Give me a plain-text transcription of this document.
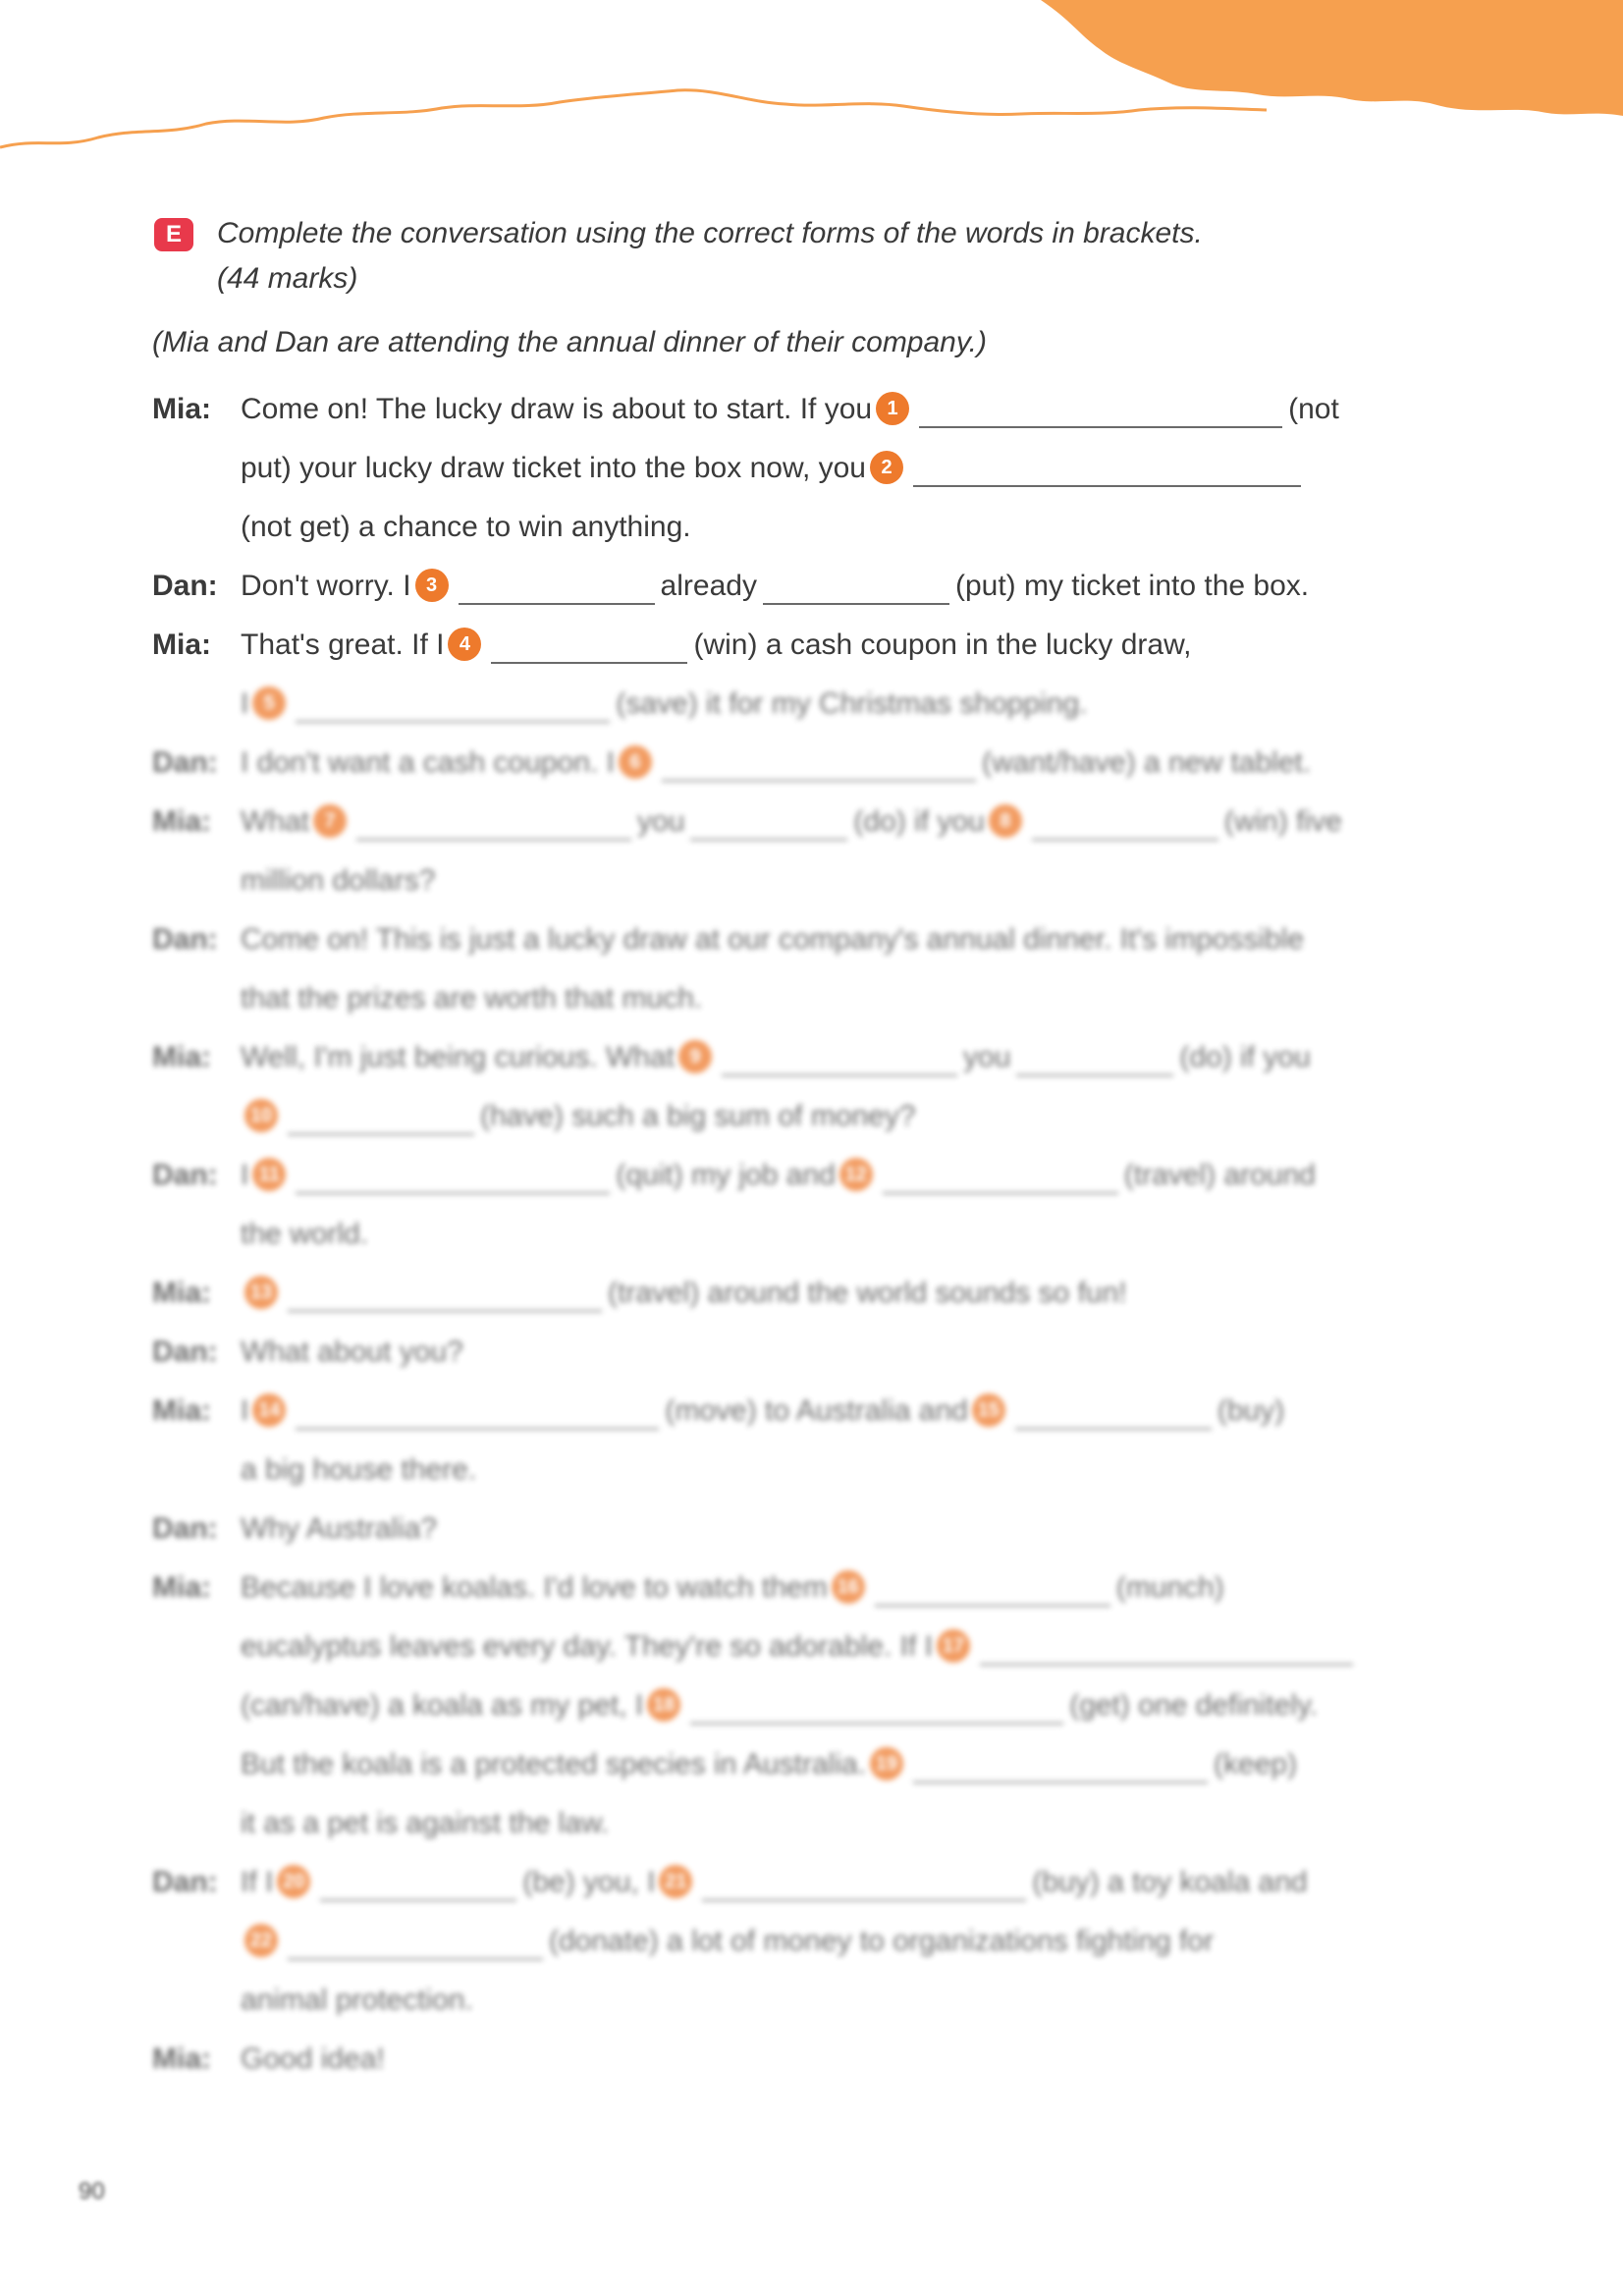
E	Complete the conversation using the correct forms of the words in brackets.
(44 marks)
(Mia and Dan are attending the annual dinner of their company.)
Mia: Come on! The lucky draw is about to start. If you 1	(not
put) your lucky draw ticket into the box now, you 2
(not get) a chance to win anything.
Dan: Don't worry. I 3	already	(put) my ticket into the box.
Mia: That's great. If I 4	(win) a cash coupon in the lucky draw,
I 5	(save) it for my Christmas shopping.
Dan: I don't want a cash coupon. I 6	(want/have) a new tablet.
Mia: What 7	you	(do) if you 8	(win) five
million dollars?
Dan: Come on! This is just a lucky draw at our company's annual dinner. It's impossible
that the prizes are worth that much.
Mia: Well, I'm just being curious. What 9	you	(do) if you
10	(have) such a big sum of money?
Dan: I 11	(quit) my job and 12	(travel) around
the world.
Mia:	13	(travel) around the world sounds so fun!
Dan: What about you?
Mia: I 14	(move) to Australia and 15	(buy)
a big house there.
Dan: Why Australia?
Mia: Because I love koalas. I'd love to watch them 16	(munch)
eucalyptus leaves every day. They're so adorable. If I 17
(can/have) a koala as my pet, I 18	(get) one definitely.
But the koala is a protected species in Australia. 19	(keep)
it as a pet is against the law.
Dan: If I 20	(be) you, I 21	(buy) a toy koala and
22	(donate) a lot of money to organizations fighting for
animal protection.
Mia: Good idea!
90
